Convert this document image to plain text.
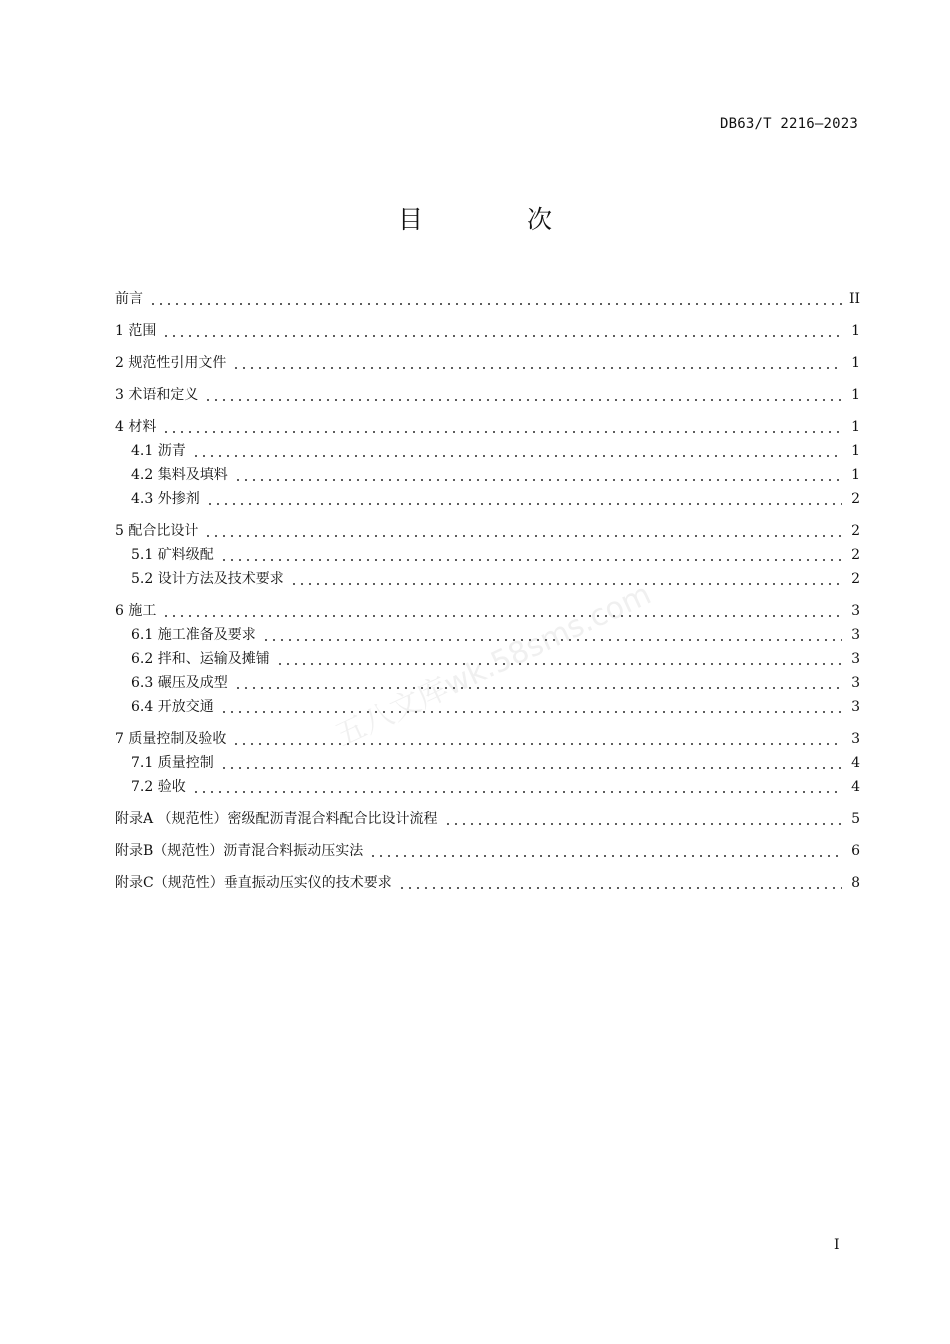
DB63/T 2216—2023
目 次
五八文库wk.58sms.com
前言	II
1 范围	1
2 规范性引用文件	1
3 术语和定义	1
4 材料	1
4.1 沥青	1
4.2 集料及填料	1
4.3 外掺剂	2
5 配合比设计	2
5.1 矿料级配	2
5.2 设计方法及技术要求	2
6 施工	3
6.1 施工准备及要求	3
6.2 拌和、运输及摊铺	3
6.3 碾压及成型	3
6.4 开放交通	3
7 质量控制及验收	3
7.1 质量控制	4
7.2 验收	4
附录A （规范性）密级配沥青混合料配合比设计流程	5
附录B（规范性）沥青混合料振动压实法	6
附录C（规范性）垂直振动压实仪的技术要求	8
I
